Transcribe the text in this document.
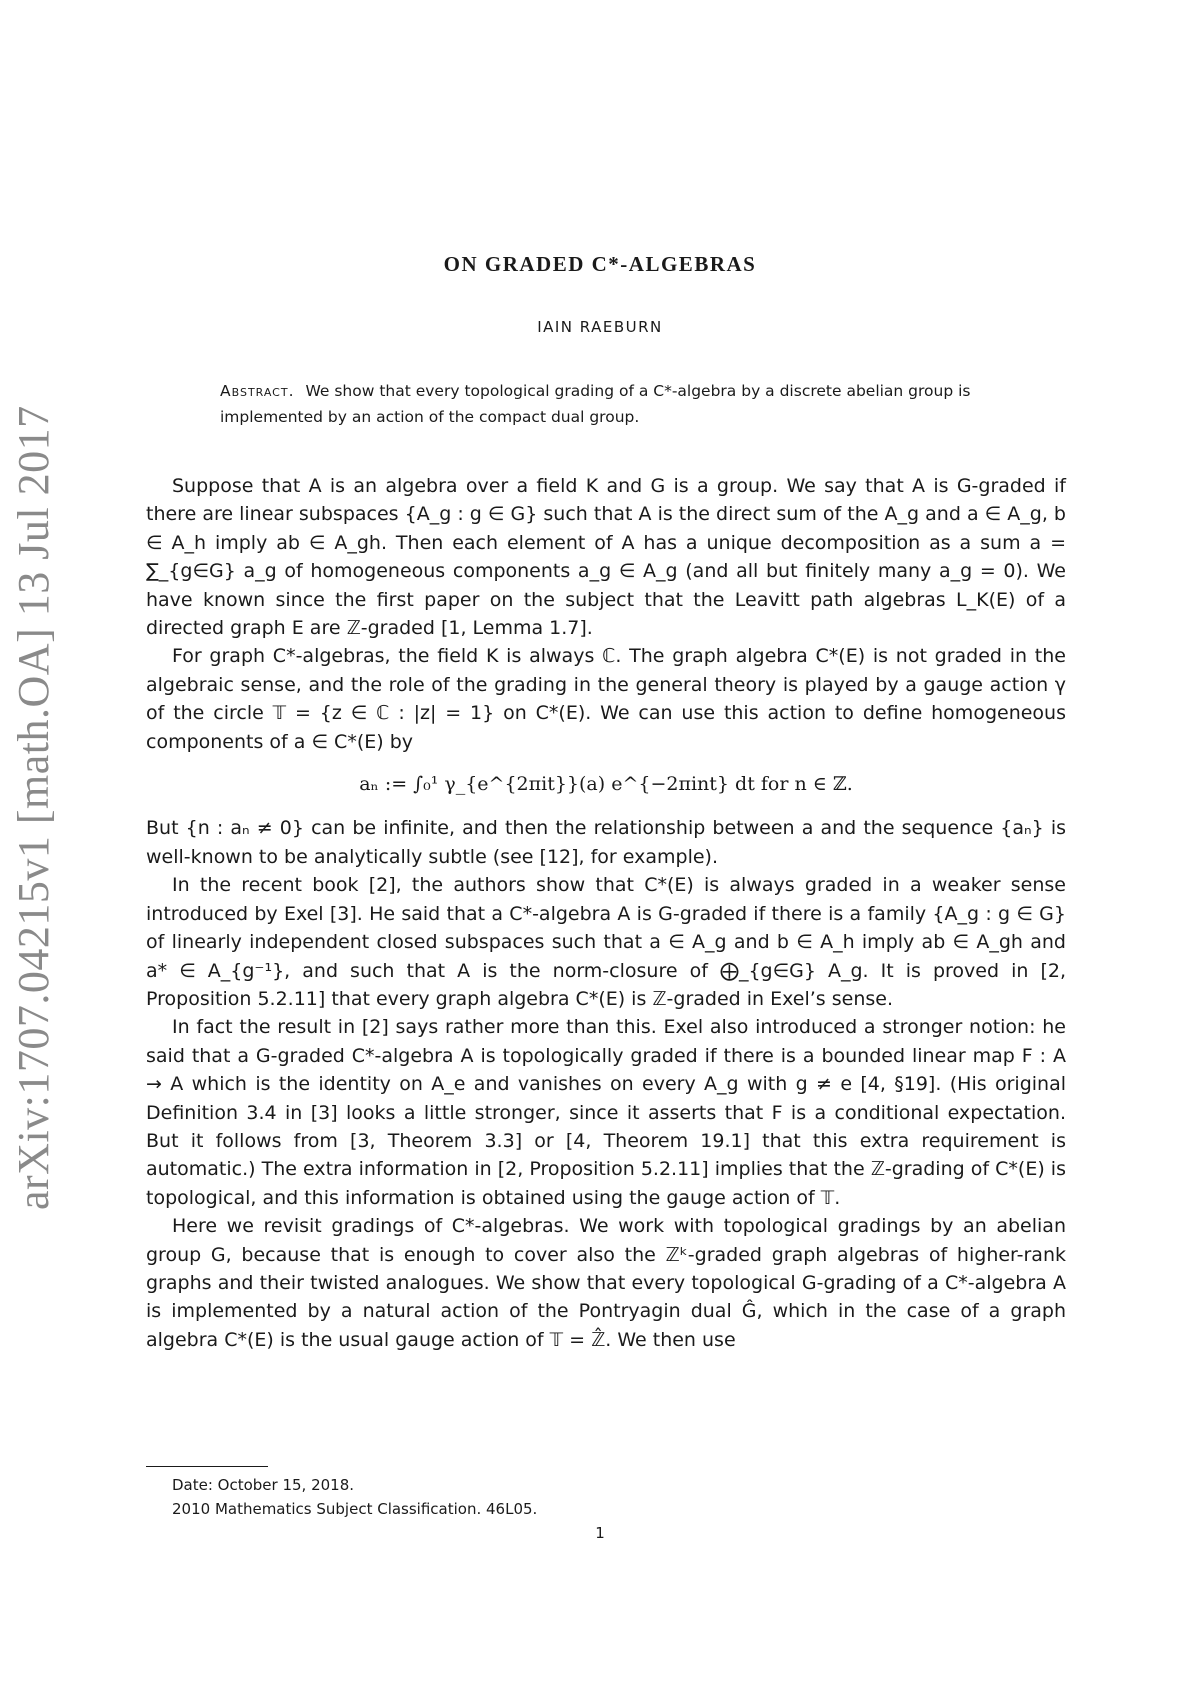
arXiv:1707.04215v1 [math.OA] 13 Jul 2017
ON GRADED C*-ALGEBRAS
IAIN RAEBURN
Abstract. We show that every topological grading of a C*-algebra by a discrete abelian group is implemented by an action of the compact dual group.

Suppose that A is an algebra over a field K and G is a group. We say that A is G-graded if there are linear subspaces {A_g : g ∈ G} such that A is the direct sum of the A_g and a ∈ A_g, b ∈ A_h imply ab ∈ A_gh. Then each element of A has a unique decomposition as a sum a = ∑_{g∈G} a_g of homogeneous components a_g ∈ A_g (and all but finitely many a_g = 0). We have known since the first paper on the subject that the Leavitt path algebras L_K(E) of a directed graph E are ℤ-graded [1, Lemma 1.7].

For graph C*-algebras, the field K is always ℂ. The graph algebra C*(E) is not graded in the algebraic sense, and the role of the grading in the general theory is played by a gauge action γ of the circle 𝕋 = {z ∈ ℂ : |z| = 1} on C*(E). We can use this action to define homogeneous components of a ∈ C*(E) by

aₙ := ∫₀¹ γ_{e^{2πit}}(a) e^{−2πint} dt for n ∈ ℤ.

But {n : aₙ ≠ 0} can be infinite, and then the relationship between a and the sequence {aₙ} is well-known to be analytically subtle (see [12], for example).

In the recent book [2], the authors show that C*(E) is always graded in a weaker sense introduced by Exel [3]. He said that a C*-algebra A is G-graded if there is a family {A_g : g ∈ G} of linearly independent closed subspaces such that a ∈ A_g and b ∈ A_h imply ab ∈ A_gh and a* ∈ A_{g⁻¹}, and such that A is the norm-closure of ⨁_{g∈G} A_g. It is proved in [2, Proposition 5.2.11] that every graph algebra C*(E) is ℤ-graded in Exel’s sense.

In fact the result in [2] says rather more than this. Exel also introduced a stronger notion: he said that a G-graded C*-algebra A is topologically graded if there is a bounded linear map F : A → A which is the identity on A_e and vanishes on every A_g with g ≠ e [4, §19]. (His original Definition 3.4 in [3] looks a little stronger, since it asserts that F is a conditional expectation. But it follows from [3, Theorem 3.3] or [4, Theorem 19.1] that this extra requirement is automatic.) The extra information in [2, Proposition 5.2.11] implies that the ℤ-grading of C*(E) is topological, and this information is obtained using the gauge action of 𝕋.

Here we revisit gradings of C*-algebras. We work with topological gradings by an abelian group G, because that is enough to cover also the ℤᵏ-graded graph algebras of higher-rank graphs and their twisted analogues. We show that every topological G-grading of a C*-algebra A is implemented by a natural action of the Pontryagin dual Ĝ, which in the case of a graph algebra C*(E) is the usual gauge action of 𝕋 = ℤ̂. We then use

Date: October 15, 2018.
2010 Mathematics Subject Classification. 46L05.
1
